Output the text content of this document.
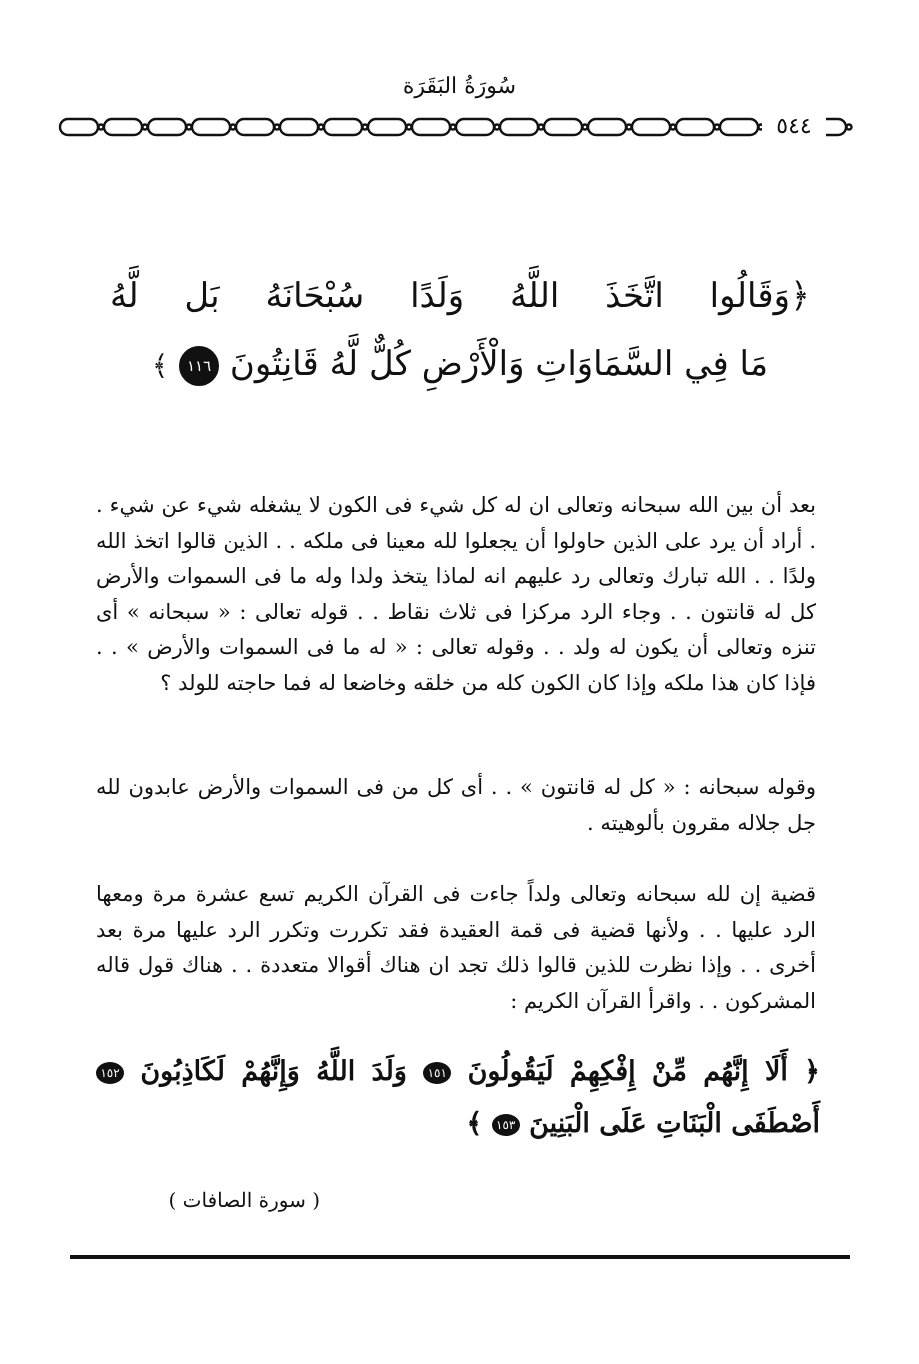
سُورَةُ البَقَرَة
٥٤٤
﴿وَقَالُوا اتَّخَذَ اللَّهُ وَلَدًا سُبْحَانَهُ بَل لَّهُ
مَا فِي السَّمَاوَاتِ وَالْأَرْضِ كُلٌّ لَّهُ قَانِتُونَ ١١٦ ﴾
بعد أن بين الله سبحانه وتعالى ان له كل شيء فى الكون لا يشغله شيء عن شيء . . أراد أن يرد على الذين حاولوا أن يجعلوا لله معينا فى ملكه . . الذين قالوا اتخذ الله ولدًا . . الله تبارك وتعالى رد عليهم انه لماذا يتخذ ولدا وله ما فى السموات والأرض كل له قانتون . . وجاء الرد مركزا فى ثلاث نقاط . . قوله تعالى : « سبحانه » أى تنزه وتعالى أن يكون له ولد . . وقوله تعالى : « له ما فى السموات والأرض » . . فإذا كان هذا ملكه وإذا كان الكون كله من خلقه وخاضعا له فما حاجته للولد ؟
وقوله سبحانه : « كل له قانتون » . . أى كل من فى السموات والأرض عابدون لله جل جلاله مقرون بألوهيته .
قضية إن لله سبحانه وتعالى ولداً جاءت فى القرآن الكريم تسع عشرة مرة ومعها الرد عليها . . ولأنها قضية فى قمة العقيدة فقد تكررت وتكرر الرد عليها مرة بعد أخرى . . وإذا نظرت للذين قالوا ذلك تجد ان هناك أقوالا متعددة . . هناك قول قاله المشركون . . واقرأ القرآن الكريم :
﴿ أَلَا إِنَّهُم مِّنْ إِفْكِهِمْ لَيَقُولُونَ ١٥١ وَلَدَ اللَّهُ وَإِنَّهُمْ لَكَاذِبُونَ ١٥٢ أَصْطَفَى الْبَنَاتِ عَلَى الْبَنِينَ ١٥٣ ﴾
( سورة الصافات )
